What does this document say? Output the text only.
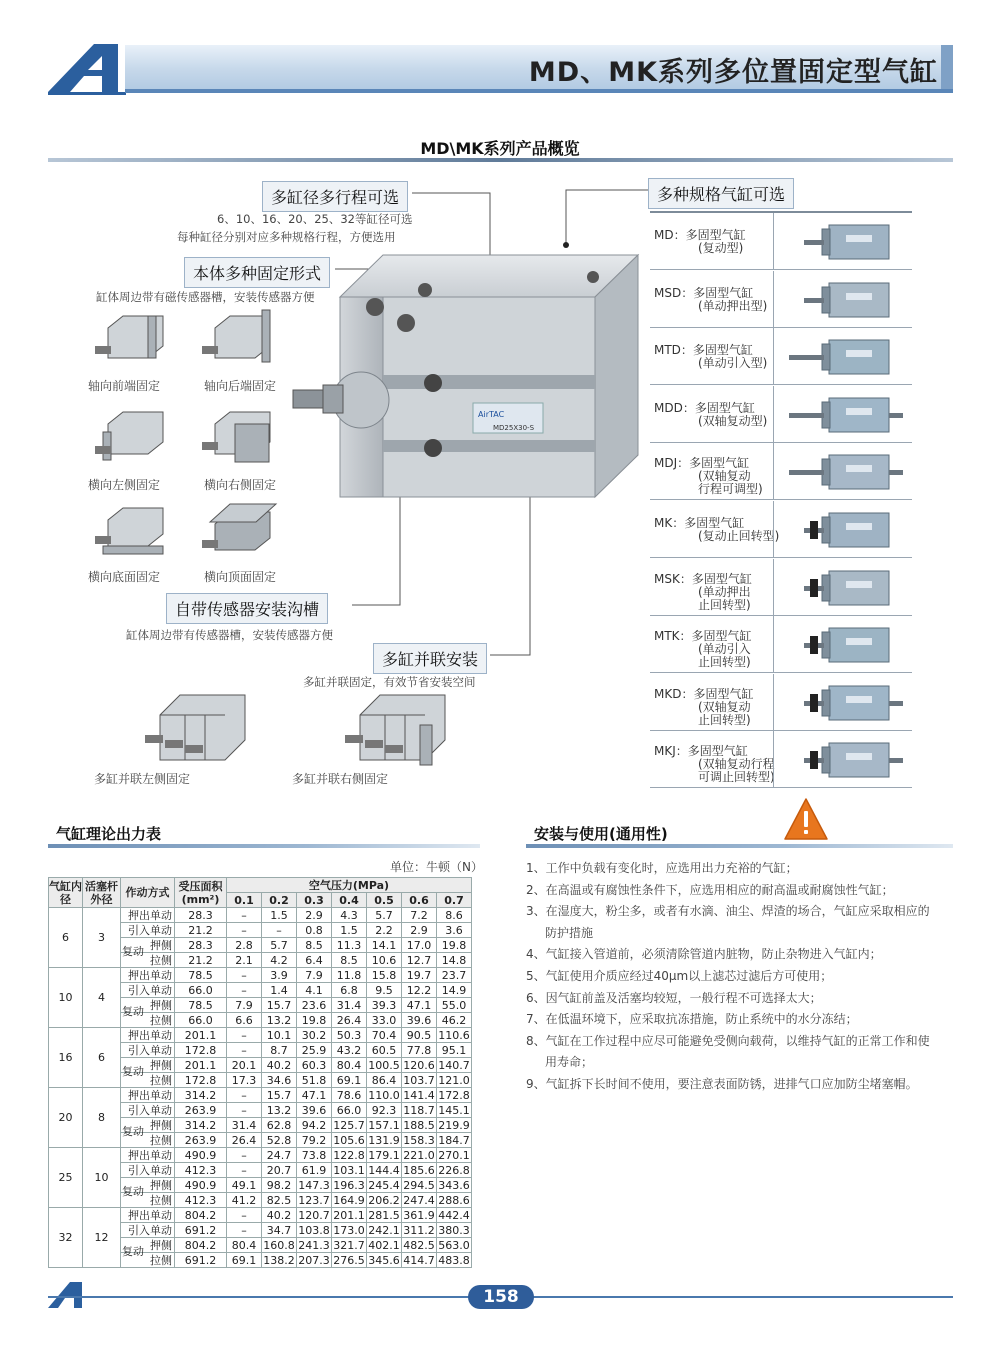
MD、MK系列多位置固定型气缸
MD\MK系列产品概览
AirTAC
MD25X30-S
多缸径多行程可选
6、10、16、20、25、32等缸径可选
每种缸径分别对应多种规格行程，方便选用
本体多种固定形式
缸体周边带有磁传感器槽，安装传感器方便
自带传感器安装沟槽
缸体周边带有传感器槽，安装传感器方便
多缸并联安装
多缸并联固定，有效节省安装空间
多种规格气缸可选
轴向前端固定	轴向后端固定
横向左侧固定	横向右侧固定
横向底面固定	横向顶面固定
多缸并联左侧固定	多缸并联右侧固定
MD：多固型气缸
(复动型)
MSD：多固型气缸
(单动押出型)
MTD：多固型气缸
(单动引入型)
MDD：多固型气缸
(双轴复动型)
MDJ：多固型气缸
(双轴复动
行程可调型)
MK：多固型气缸
(复动止回转型)
MSK：多固型气缸
(单动押出
止回转型)
MTK：多固型气缸
(单动引入
止回转型)
MKD：多固型气缸
(双轴复动
止回转型)
MKJ：多固型气缸
(双轴复动行程
可调止回转型)
气缸理论出力表
单位：牛顿（N）
气缸内径	活塞杆外径	作动方式	受压面积(mm²)	空气压力(MPa)						
				0.1	0.2	0.3	0.4	0.5	0.6	0.7
6	3	押出单动	28.3	–	1.5	2.9	4.3	5.7	7.2	8.6
		引入单动	21.2	–	–	0.8	1.5	2.2	2.9	3.6

		复动 押侧	28.3	2.8	5.7	8.5	11.3	14.1	17.0	19.8
		拉侧	21.2	2.1	4.2	6.4	8.5	10.6	12.7	14.8
10	4	押出单动	78.5	–	3.9	7.9	11.8	15.8	19.7	23.7
		引入单动	66.0	–	1.4	4.1	6.8	9.5	12.2	14.9

		复动 押侧	78.5	7.9	15.7	23.6	31.4	39.3	47.1	55.0
		拉侧	66.0	6.6	13.2	19.8	26.4	33.0	39.6	46.2
16	6	押出单动	201.1	–	10.1	30.2	50.3	70.4	90.5	110.6
		引入单动	172.8	–	8.7	25.9	43.2	60.5	77.8	95.1

		复动 押侧	201.1	20.1	40.2	60.3	80.4	100.5	120.6	140.7
		拉侧	172.8	17.3	34.6	51.8	69.1	86.4	103.7	121.0
20	8	押出单动	314.2	–	15.7	47.1	78.6	110.0	141.4	172.8
		引入单动	263.9	–	13.2	39.6	66.0	92.3	118.7	145.1

		复动 押侧	314.2	31.4	62.8	94.2	125.7	157.1	188.5	219.9
		拉侧	263.9	26.4	52.8	79.2	105.6	131.9	158.3	184.7
25	10	押出单动	490.9	–	24.7	73.8	122.8	179.1	221.0	270.1
		引入单动	412.3	–	20.7	61.9	103.1	144.4	185.6	226.8

		复动 押侧	490.9	49.1	98.2	147.3	196.3	245.4	294.5	343.6
		拉侧	412.3	41.2	82.5	123.7	164.9	206.2	247.4	288.6
32	12	押出单动	804.2	–	40.2	120.7	201.1	281.5	361.9	442.4
		引入单动	691.2	–	34.7	103.8	173.0	242.1	311.2	380.3

		复动 押侧	804.2	80.4	160.8	241.3	321.7	402.1	482.5	563.0
		拉侧	691.2	69.1	138.2	207.3	276.5	345.6	414.7	483.8
安装与使用(通用性)
1、工作中负载有变化时，应选用出力充裕的气缸；
2、在高温或有腐蚀性条件下，应选用相应的耐高温或耐腐蚀性气缸；
3、在湿度大，粉尘多，或者有水滴、油尘、焊渣的场合，气缸应采取相应的
防护措施
4、气缸接入管道前，必须清除管道内脏物，防止杂物进入气缸内；
5、气缸使用介质应经过40μm以上滤芯过滤后方可使用；
6、因气缸前盖及活塞均较短，一般行程不可选择太大；
7、在低温环境下，应采取抗冻措施，防止系统中的水分冻结；
8、气缸在工作过程中应尽可能避免受侧向载荷，以维持气缸的正常工作和使
用寿命；
9、气缸拆下长时间不使用，要注意表面防锈，进排气口应加防尘堵塞帽。
158
